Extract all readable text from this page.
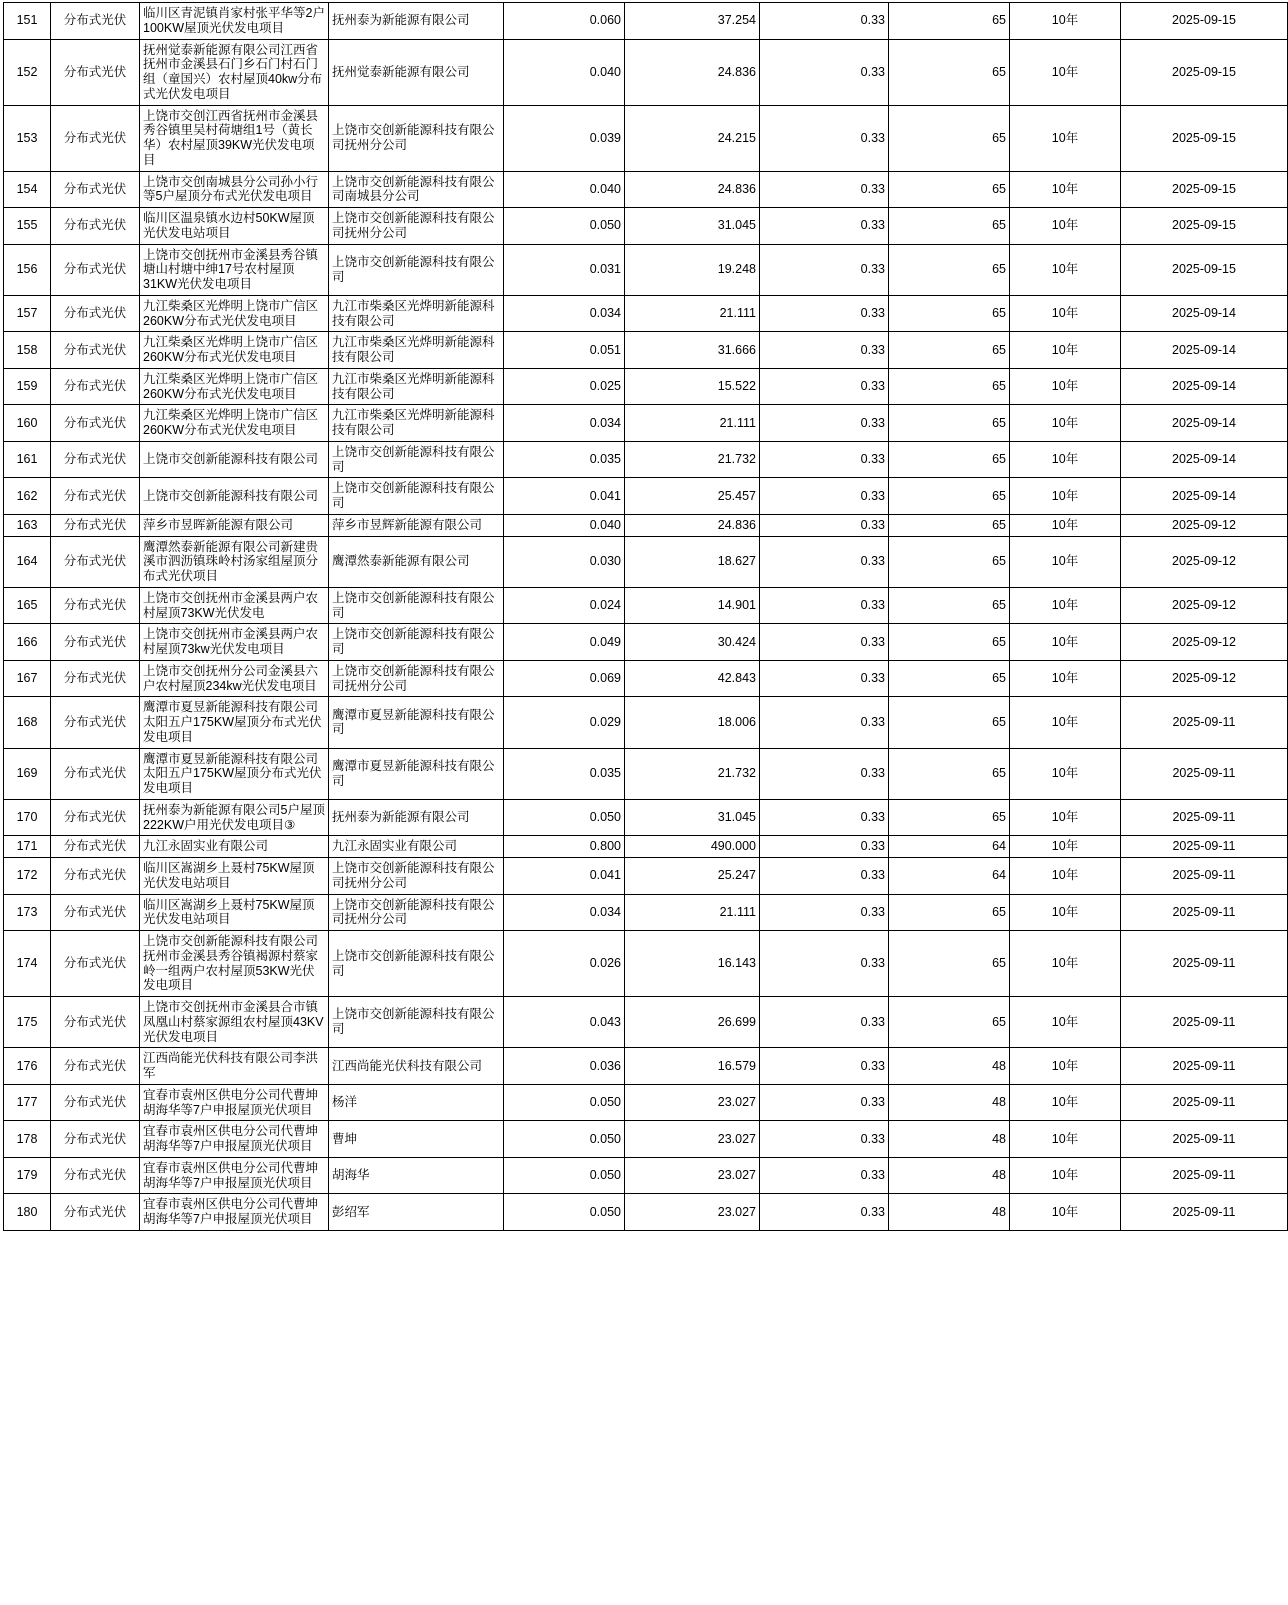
151	分布式光伏	临川区青泥镇肖家村张平华等2户100KW屋顶光伏发电项目	抚州泰为新能源有限公司	0.060	37.254	0.33	65	10年	2025-09-15
152	分布式光伏	抚州觉泰新能源有限公司江西省抚州市金溪县石门乡石门村石门组（童国兴）农村屋顶40kw分布式光伏发电项目	抚州觉泰新能源有限公司	0.040	24.836	0.33	65	10年	2025-09-15
153	分布式光伏	上饶市交创江西省抚州市金溪县秀谷镇里吴村荷塘组1号（黄长华）农村屋顶39KW光伏发电项目	上饶市交创新能源科技有限公司抚州分公司	0.039	24.215	0.33	65	10年	2025-09-15
154	分布式光伏	上饶市交创南城县分公司孙小行等5户屋顶分布式光伏发电项目	上饶市交创新能源科技有限公司南城县分公司	0.040	24.836	0.33	65	10年	2025-09-15
155	分布式光伏	临川区温泉镇水边村50KW屋顶光伏发电站项目	上饶市交创新能源科技有限公司抚州分公司	0.050	31.045	0.33	65	10年	2025-09-15
156	分布式光伏	上饶市交创抚州市金溪县秀谷镇塘山村塘中绅17号农村屋顶31KW光伏发电项目	上饶市交创新能源科技有限公司	0.031	19.248	0.33	65	10年	2025-09-15
157	分布式光伏	九江柴桑区光烨明上饶市广信区260KW分布式光伏发电项目	九江市柴桑区光烨明新能源科技有限公司	0.034	21.111	0.33	65	10年	2025-09-14
158	分布式光伏	九江柴桑区光烨明上饶市广信区260KW分布式光伏发电项目	九江市柴桑区光烨明新能源科技有限公司	0.051	31.666	0.33	65	10年	2025-09-14
159	分布式光伏	九江柴桑区光烨明上饶市广信区260KW分布式光伏发电项目	九江市柴桑区光烨明新能源科技有限公司	0.025	15.522	0.33	65	10年	2025-09-14
160	分布式光伏	九江柴桑区光烨明上饶市广信区260KW分布式光伏发电项目	九江市柴桑区光烨明新能源科技有限公司	0.034	21.111	0.33	65	10年	2025-09-14
161	分布式光伏	上饶市交创新能源科技有限公司	上饶市交创新能源科技有限公司	0.035	21.732	0.33	65	10年	2025-09-14
162	分布式光伏	上饶市交创新能源科技有限公司	上饶市交创新能源科技有限公司	0.041	25.457	0.33	65	10年	2025-09-14
163	分布式光伏	萍乡市昱晖新能源有限公司	萍乡市昱辉新能源有限公司	0.040	24.836	0.33	65	10年	2025-09-12
164	分布式光伏	鹰潭然泰新能源有限公司新建贵溪市泗沥镇珠岭村汤家组屋顶分布式光伏项目	鹰潭然泰新能源有限公司	0.030	18.627	0.33	65	10年	2025-09-12
165	分布式光伏	上饶市交创抚州市金溪县两户农村屋顶73KW光伏发电	上饶市交创新能源科技有限公司	0.024	14.901	0.33	65	10年	2025-09-12
166	分布式光伏	上饶市交创抚州市金溪县两户农村屋顶73kw光伏发电项目	上饶市交创新能源科技有限公司	0.049	30.424	0.33	65	10年	2025-09-12
167	分布式光伏	上饶市交创抚州分公司金溪县六户农村屋顶234kw光伏发电项目	上饶市交创新能源科技有限公司抚州分公司	0.069	42.843	0.33	65	10年	2025-09-12
168	分布式光伏	鹰潭市夏昱新能源科技有限公司太阳五户175KW屋顶分布式光伏发电项目	鹰潭市夏昱新能源科技有限公司	0.029	18.006	0.33	65	10年	2025-09-11
169	分布式光伏	鹰潭市夏昱新能源科技有限公司太阳五户175KW屋顶分布式光伏发电项目	鹰潭市夏昱新能源科技有限公司	0.035	21.732	0.33	65	10年	2025-09-11
170	分布式光伏	抚州泰为新能源有限公司5户屋顶222KW户用光伏发电项目③	抚州泰为新能源有限公司	0.050	31.045	0.33	65	10年	2025-09-11
171	分布式光伏	九江永固实业有限公司	九江永固实业有限公司	0.800	490.000	0.33	64	10年	2025-09-11
172	分布式光伏	临川区嵩湖乡上聂村75KW屋顶光伏发电站项目	上饶市交创新能源科技有限公司抚州分公司	0.041	25.247	0.33	64	10年	2025-09-11
173	分布式光伏	临川区嵩湖乡上聂村75KW屋顶光伏发电站项目	上饶市交创新能源科技有限公司抚州分公司	0.034	21.111	0.33	65	10年	2025-09-11
174	分布式光伏	上饶市交创新能源科技有限公司抚州市金溪县秀谷镇褐源村蔡家岭一组两户农村屋顶53KW光伏发电项目	上饶市交创新能源科技有限公司	0.026	16.143	0.33	65	10年	2025-09-11
175	分布式光伏	上饶市交创抚州市金溪县合市镇凤凰山村蔡家源组农村屋顶43KV光伏发电项目	上饶市交创新能源科技有限公司	0.043	26.699	0.33	65	10年	2025-09-11
176	分布式光伏	江西尚能光伏科技有限公司李洪军	江西尚能光伏科技有限公司	0.036	16.579	0.33	48	10年	2025-09-11
177	分布式光伏	宜春市袁州区供电分公司代曹坤胡海华等7户申报屋顶光伏项目	杨洋	0.050	23.027	0.33	48	10年	2025-09-11
178	分布式光伏	宜春市袁州区供电分公司代曹坤胡海华等7户申报屋顶光伏项目	曹坤	0.050	23.027	0.33	48	10年	2025-09-11
179	分布式光伏	宜春市袁州区供电分公司代曹坤胡海华等7户申报屋顶光伏项目	胡海华	0.050	23.027	0.33	48	10年	2025-09-11
180	分布式光伏	宜春市袁州区供电分公司代曹坤胡海华等7户申报屋顶光伏项目	彭绍军	0.050	23.027	0.33	48	10年	2025-09-11
